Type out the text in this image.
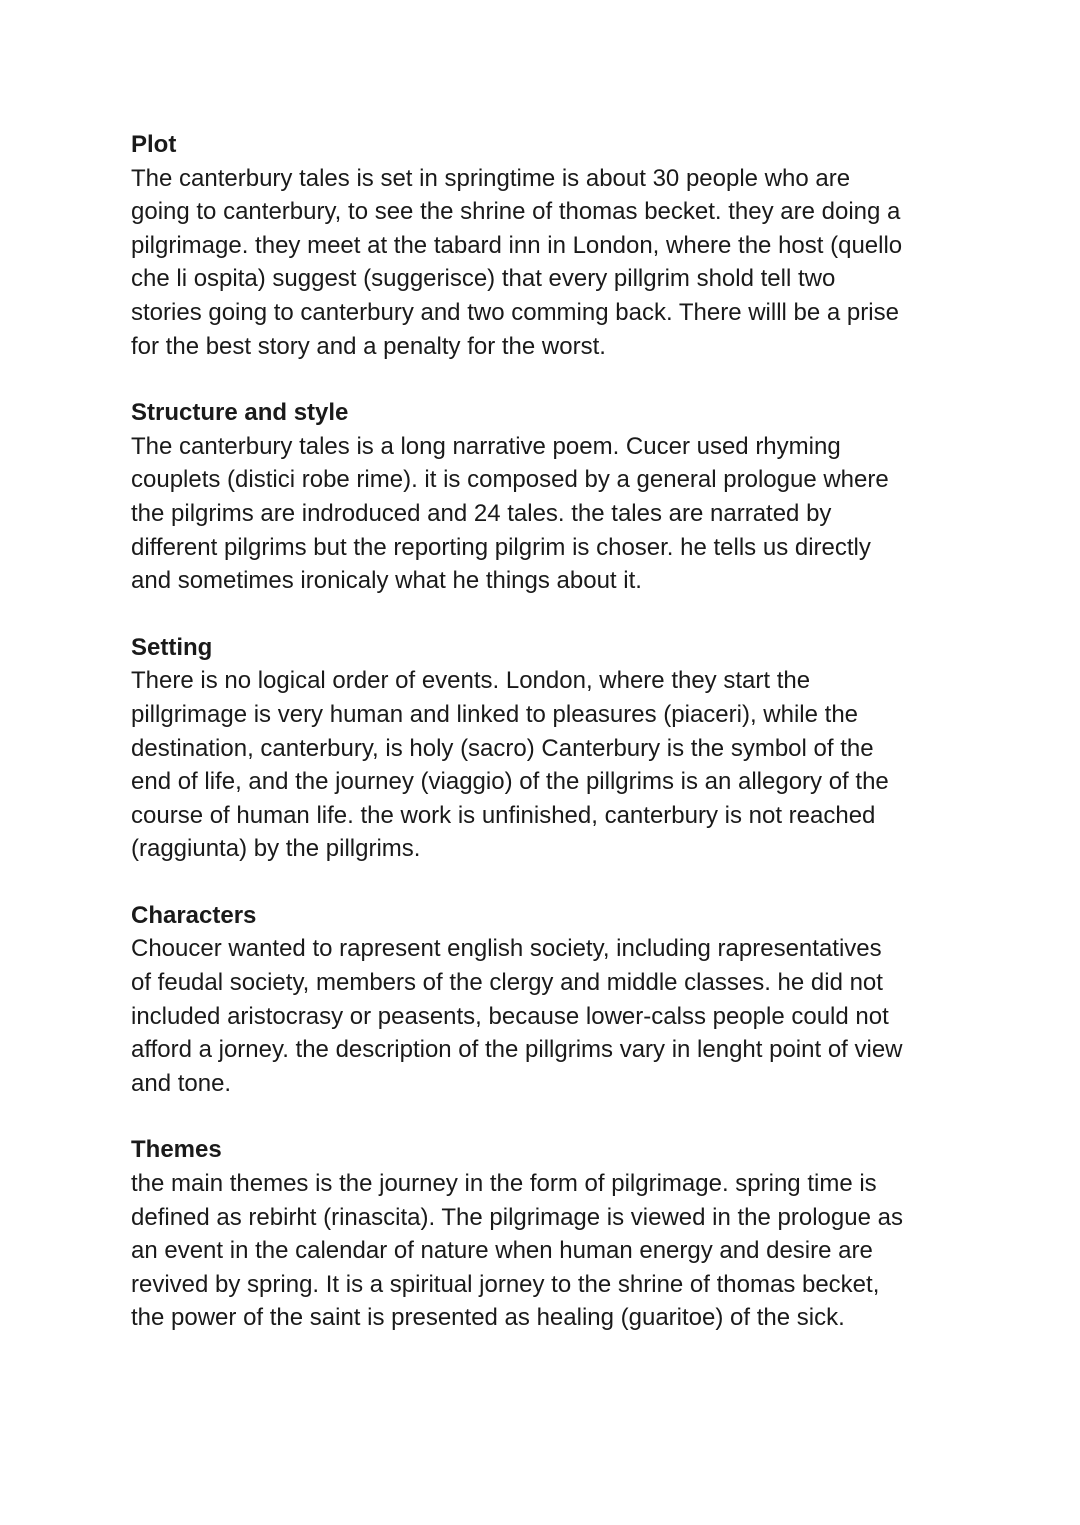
Plot
The canterbury tales is set in springtime is about 30 people who are
going to canterbury, to see the shrine of thomas becket. they are doing a
pilgrimage. they meet at the tabard inn in London, where the host (quello
che li ospita) suggest (suggerisce) that every pillgrim shold tell two
stories going to canterbury and two comming back. There willl be a prise
for the best story and a penalty for the worst.
Structure and style
The canterbury tales is a long narrative poem. Cucer used rhyming
couplets (distici robe rime). it is composed by a general prologue where
the pilgrims are indroduced and 24 tales. the tales are narrated by
different pilgrims but the reporting pilgrim is choser. he tells us directly
and sometimes ironicaly what he things about it.
Setting
There is no logical order of events. London, where they start the
pillgrimage is very human and linked to pleasures (piaceri), while the
destination, canterbury, is holy (sacro) Canterbury is the symbol of the
end of life, and the journey (viaggio) of the pillgrims is an allegory of the
course of human life. the work is unfinished, canterbury is not reached
(raggiunta) by the pillgrims.
Characters
Choucer wanted to rapresent english society, including rapresentatives
of feudal society, members of the clergy and middle classes. he did not
included aristocrasy or peasents, because lower-calss people could not
afford a jorney. the description of the pillgrims vary in lenght point of view
and tone.
Themes
the main themes is the journey in the form of pilgrimage. spring time is
defined as rebirht (rinascita). The pilgrimage is viewed in the prologue as
an event in the calendar of nature when human energy and desire are
revived by spring. It is a spiritual jorney to the shrine of thomas becket,
the power of the saint is presented as healing (guaritoe) of the sick.
